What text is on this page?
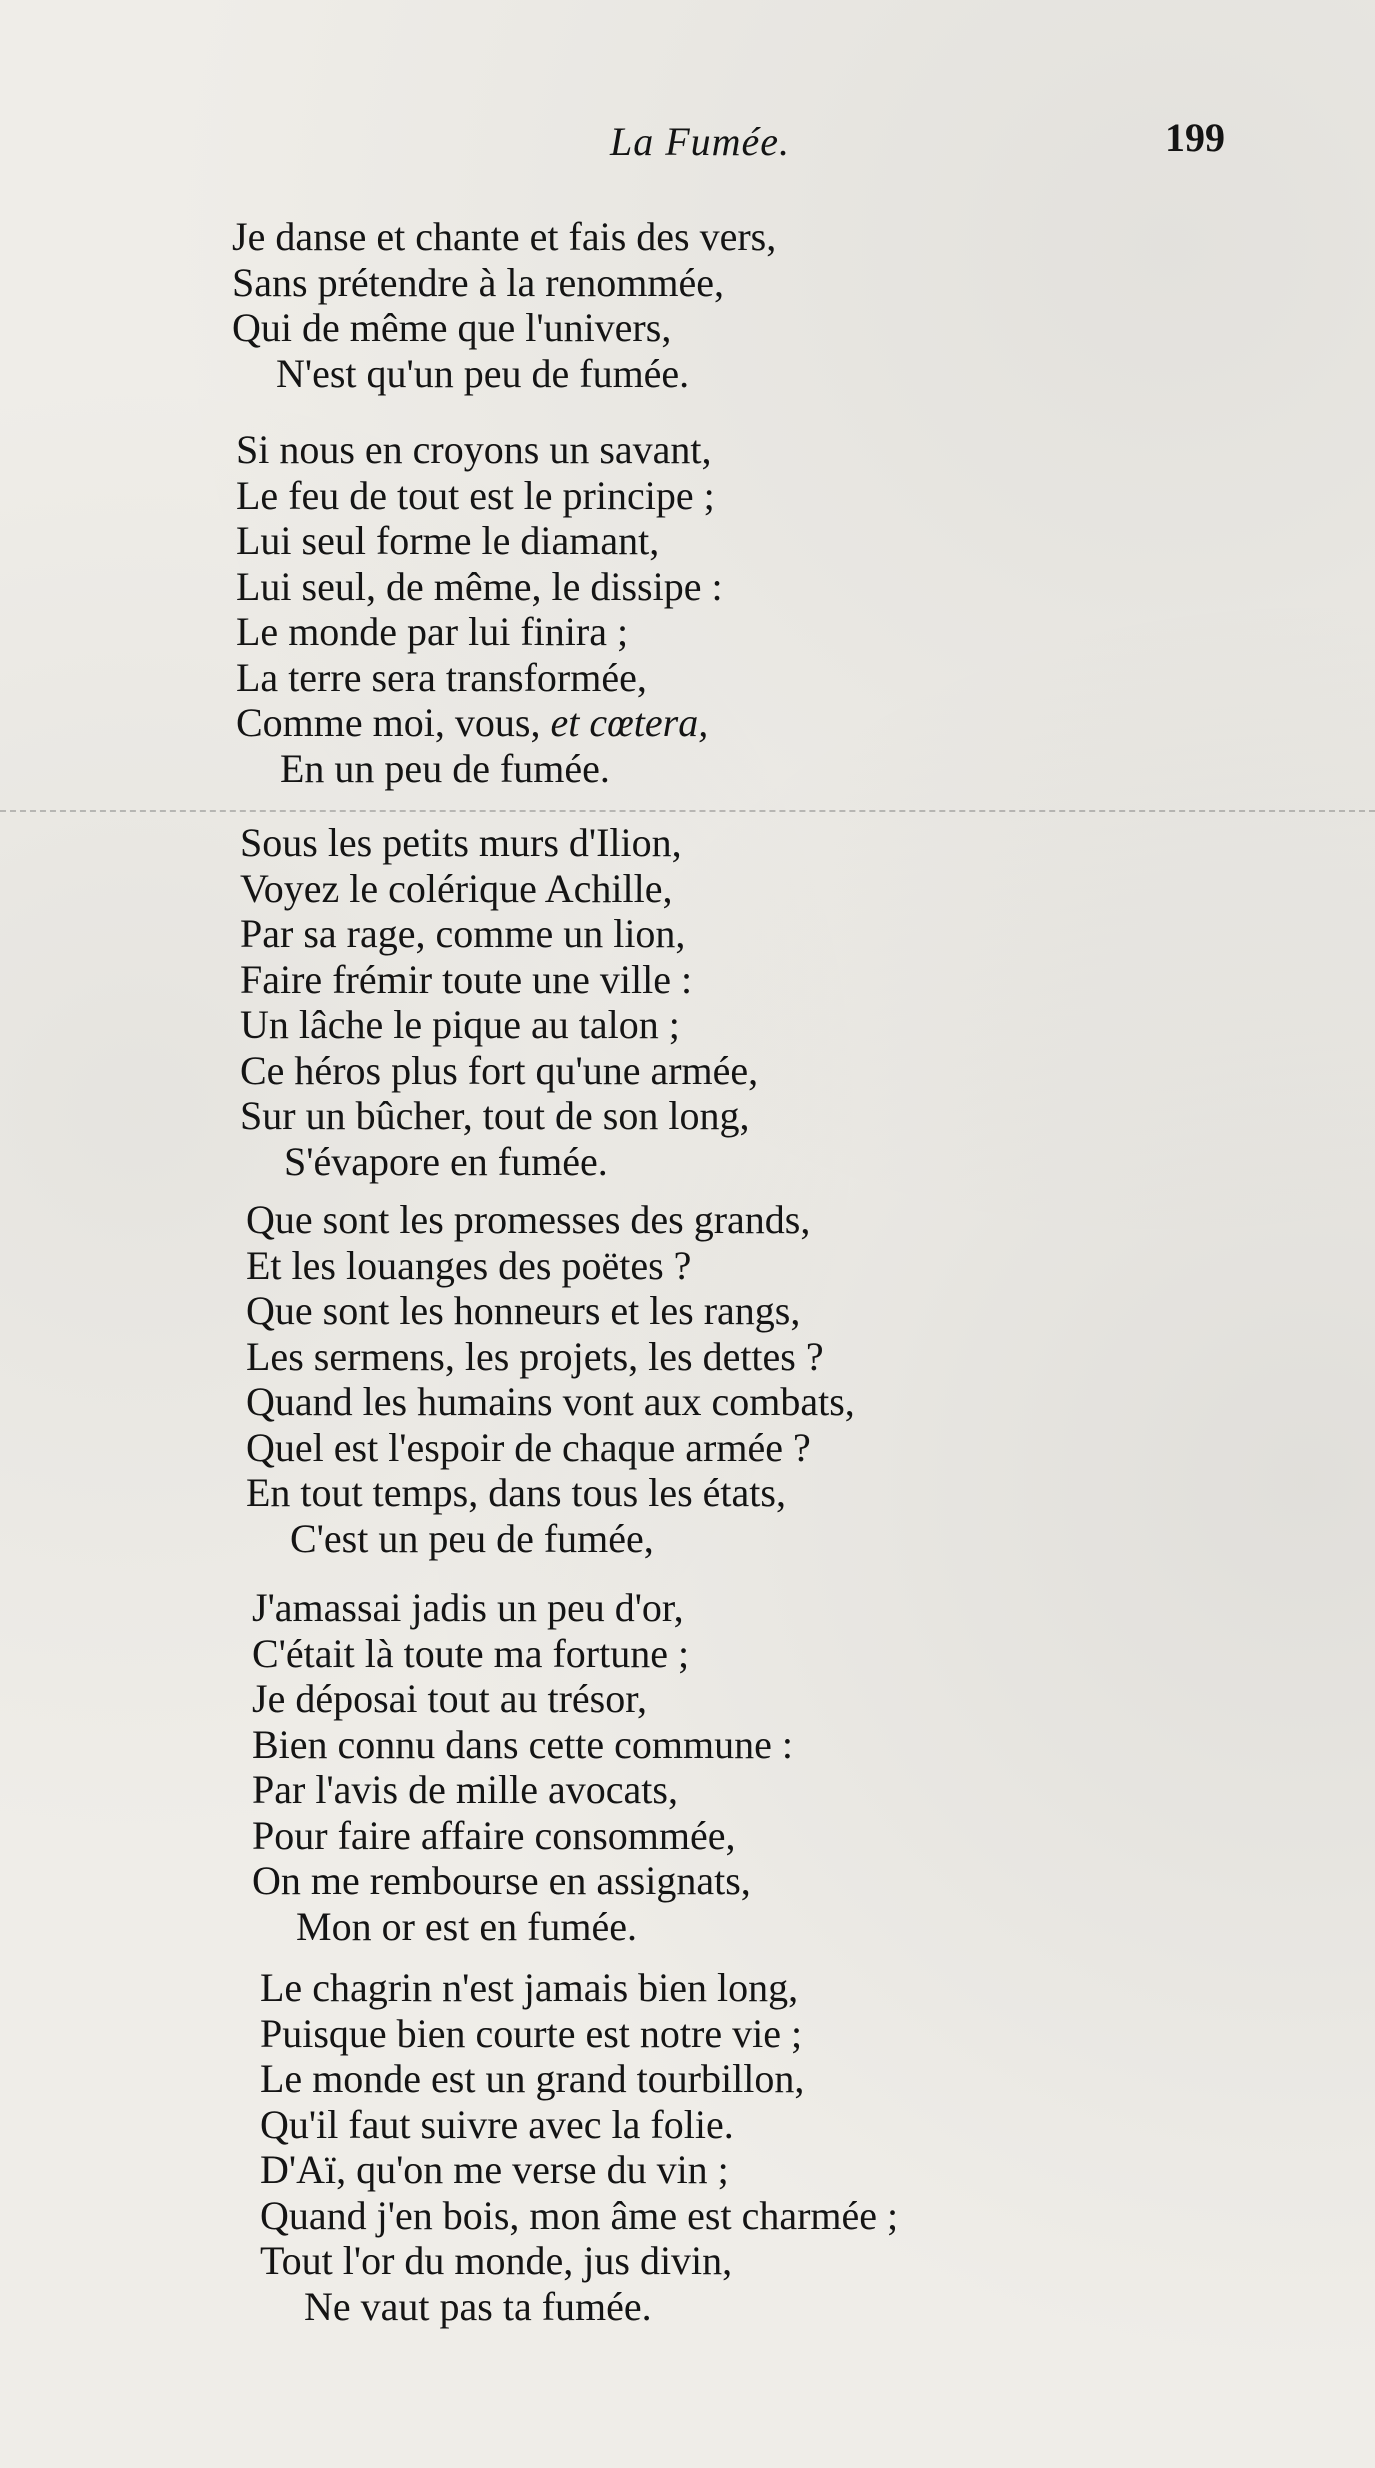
La Fumée.	199
Je danse et chante et fais des vers,
Sans prétendre à la renommée,
Qui de même que l'univers,
N'est qu'un peu de fumée.
Si nous en croyons un savant,
Le feu de tout est le principe ;
Lui seul forme le diamant,
Lui seul, de même, le dissipe :
Le monde par lui finira ;
La terre sera transformée,
Comme moi, vous, et cœtera,
En un peu de fumée.
Sous les petits murs d'Ilion,
Voyez le colérique Achille,
Par sa rage, comme un lion,
Faire frémir toute une ville :
Un lâche le pique au talon ;
Ce héros plus fort qu'une armée,
Sur un bûcher, tout de son long,
S'évapore en fumée.
Que sont les promesses des grands,
Et les louanges des poëtes ?
Que sont les honneurs et les rangs,
Les sermens, les projets, les dettes ?
Quand les humains vont aux combats,
Quel est l'espoir de chaque armée ?
En tout temps, dans tous les états,
C'est un peu de fumée,
J'amassai jadis un peu d'or,
C'était là toute ma fortune ;
Je déposai tout au trésor,
Bien connu dans cette commune :
Par l'avis de mille avocats,
Pour faire affaire consommée,
On me rembourse en assignats,
Mon or est en fumée.
Le chagrin n'est jamais bien long,
Puisque bien courte est notre vie ;
Le monde est un grand tourbillon,
Qu'il faut suivre avec la folie.
D'Aï, qu'on me verse du vin ;
Quand j'en bois, mon âme est charmée ;
Tout l'or du monde, jus divin,
Ne vaut pas ta fumée.
